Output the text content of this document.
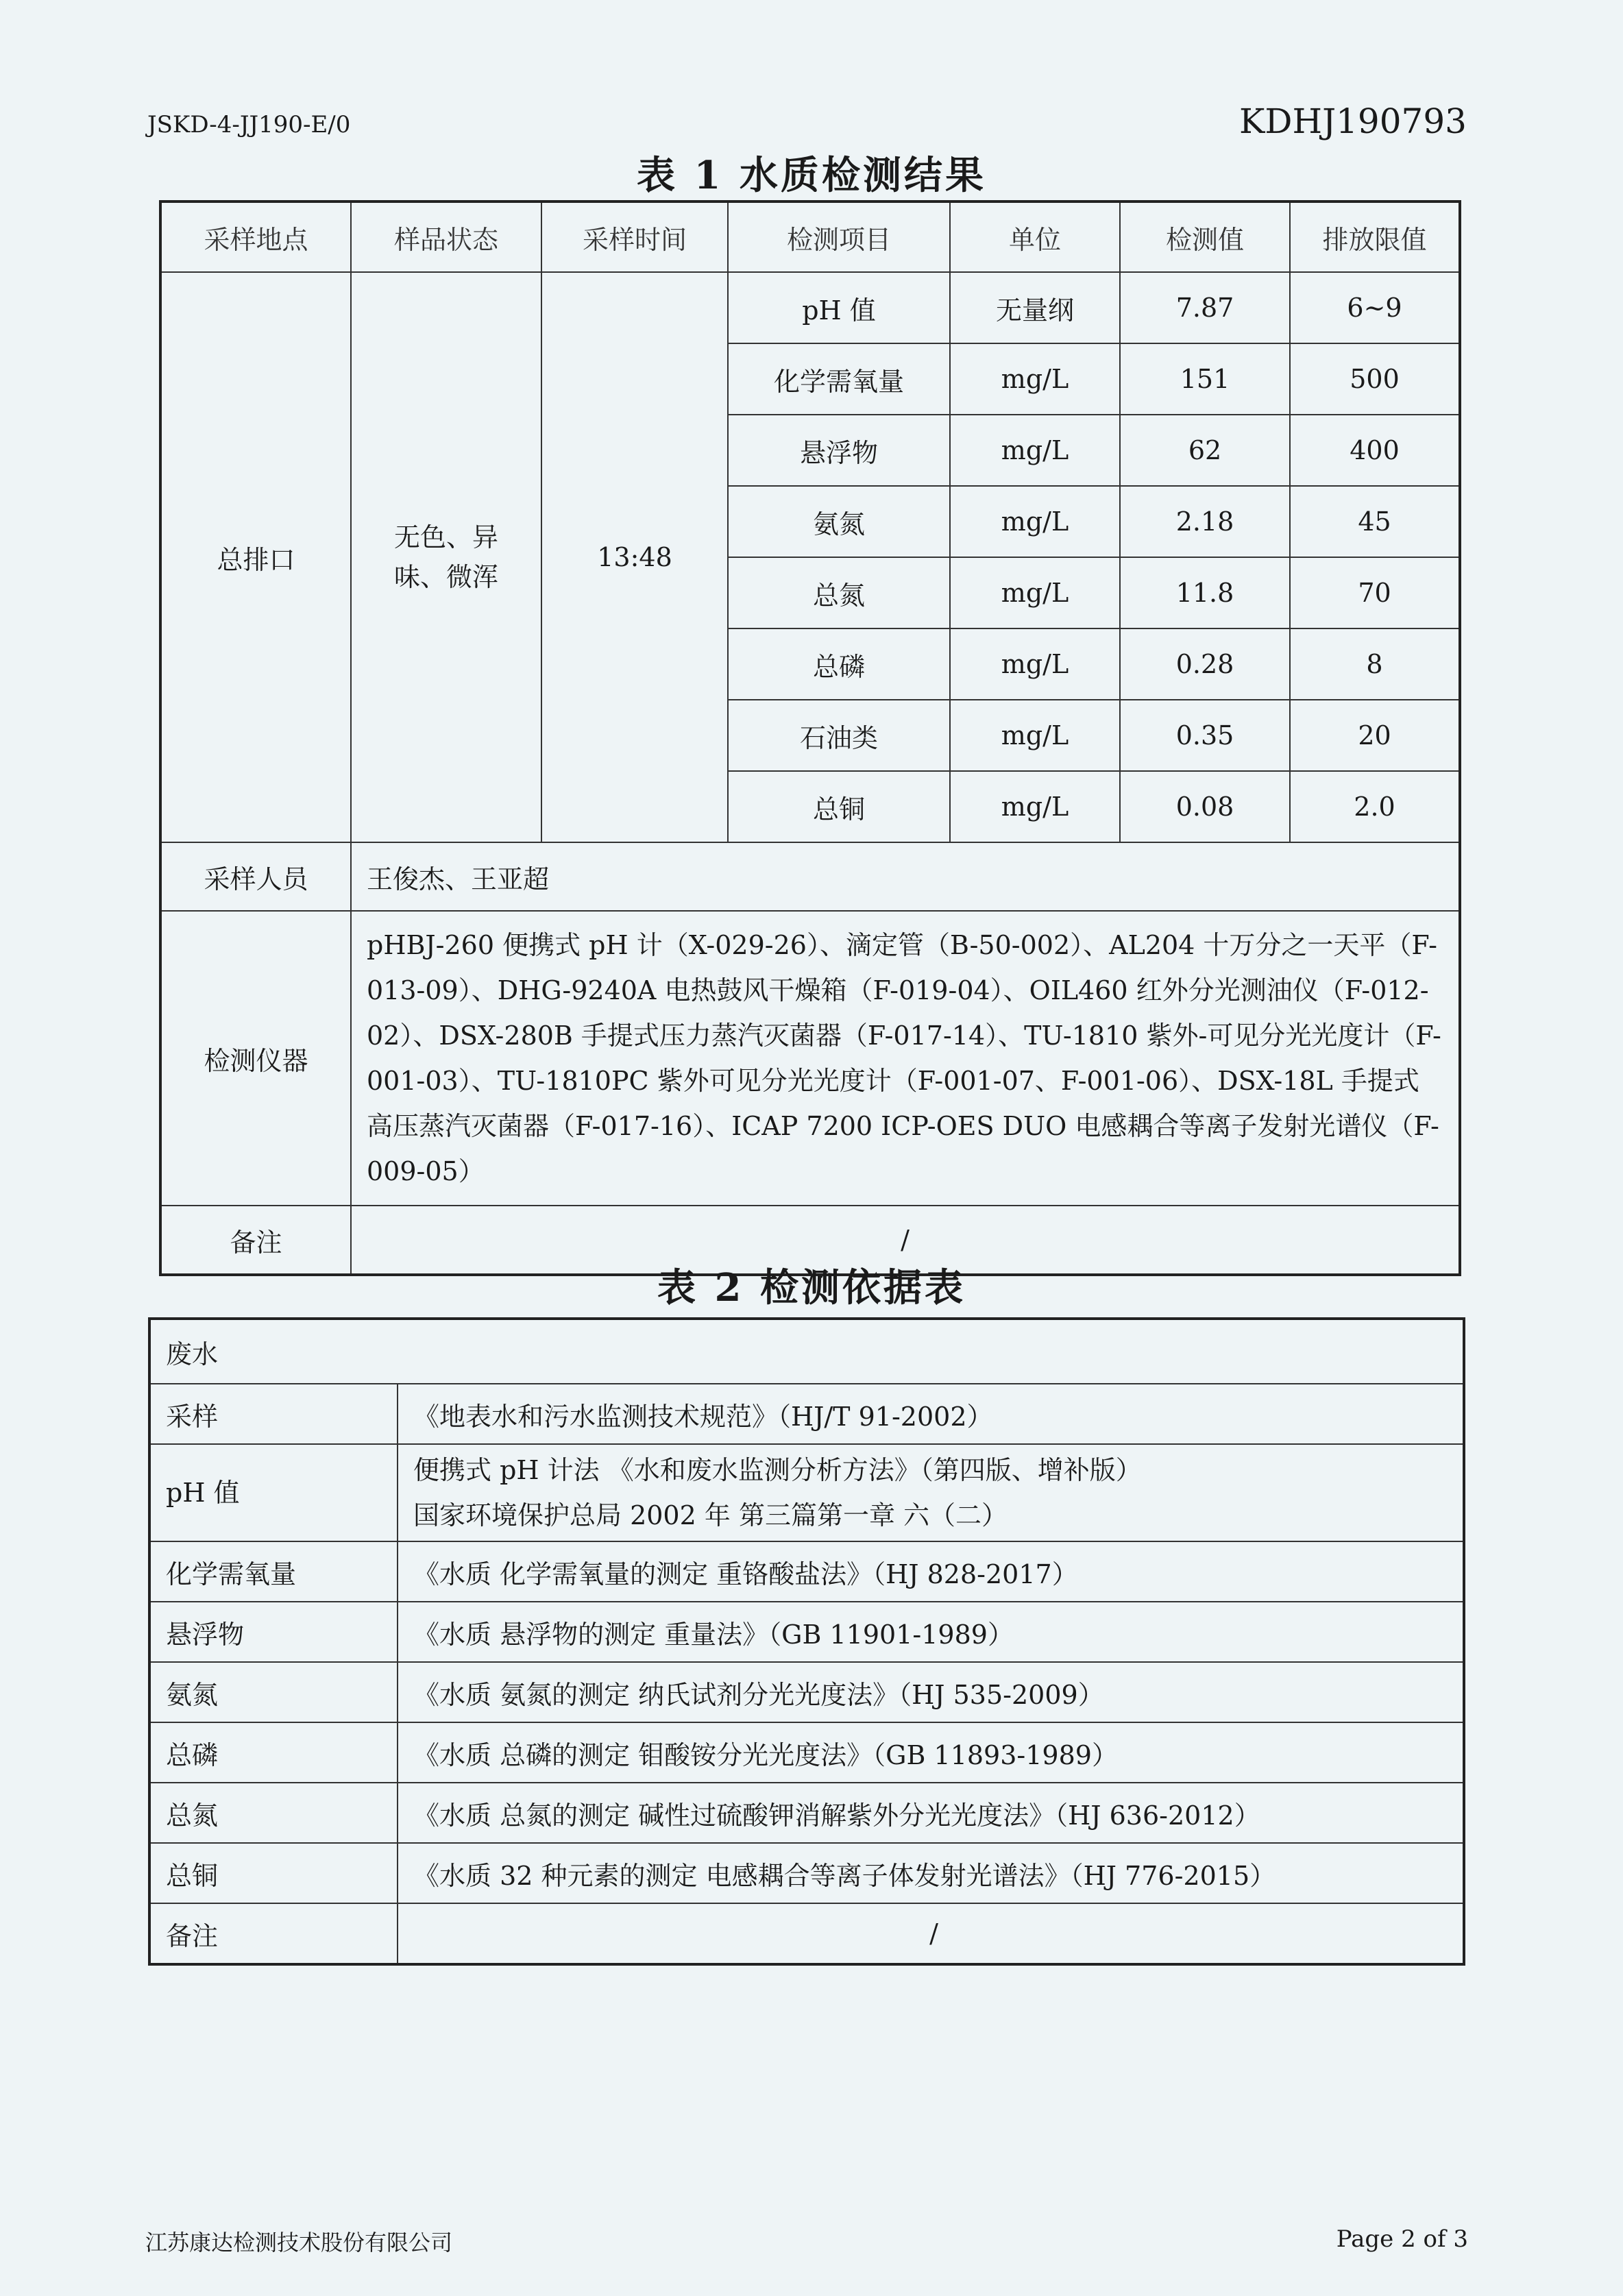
JSKD-4-JJ190-E/0	KDHJ190793
表 1 水质检测结果
采样地点	样品状态	采样时间	检测项目	单位	检测值	排放限值
总排口	无色、异味、微浑	13:48	pH 值	无量纲	7.87	6~9
			化学需氧量	mg/L	151	500
			悬浮物	mg/L	62	400
			氨氮	mg/L	2.18	45
			总氮	mg/L	11.8	70
			总磷	mg/L	0.28	8
			石油类	mg/L	0.35	20
			总铜	mg/L	0.08	2.0
采样人员	王俊杰、王亚超					
检测仪器	pHBJ-260 便携式 pH 计（X-029-26）、滴定管（B-50-002）、AL204 十万分之一天平（F-013-09）、DHG-9240A 电热鼓风干燥箱（F-019-04）、OIL460 红外分光测油仪（F-012-02）、DSX-280B 手提式压力蒸汽灭菌器（F-017-14）、TU-1810 紫外-可见分光光度计（F-001-03）、TU-1810PC 紫外可见分光光度计（F-001-07、F-001-06）、DSX-18L 手提式高压蒸汽灭菌器（F-017-16）、ICAP 7200 ICP-OES DUO 电感耦合等离子发射光谱仪（F-009-05）					
备注	/					
表 2 检测依据表
废水	
采样	《地表水和污水监测技术规范》（HJ/T 91-2002）
pH 值	便携式 pH 计法 《水和废水监测分析方法》（第四版、增补版）
国家环境保护总局 2002 年 第三篇第一章 六（二）

化学需氧量	《水质 化学需氧量的测定 重铬酸盐法》（HJ 828-2017）
悬浮物	《水质 悬浮物的测定 重量法》（GB 11901-1989）
氨氮	《水质 氨氮的测定 纳氏试剂分光光度法》（HJ 535-2009）
总磷	《水质 总磷的测定 钼酸铵分光光度法》（GB 11893-1989）
总氮	《水质 总氮的测定 碱性过硫酸钾消解紫外分光光度法》（HJ 636-2012）
总铜	《水质 32 种元素的测定 电感耦合等离子体发射光谱法》（HJ 776-2015）
备注	/
江苏康达检测技术股份有限公司	Page 2 of 3
